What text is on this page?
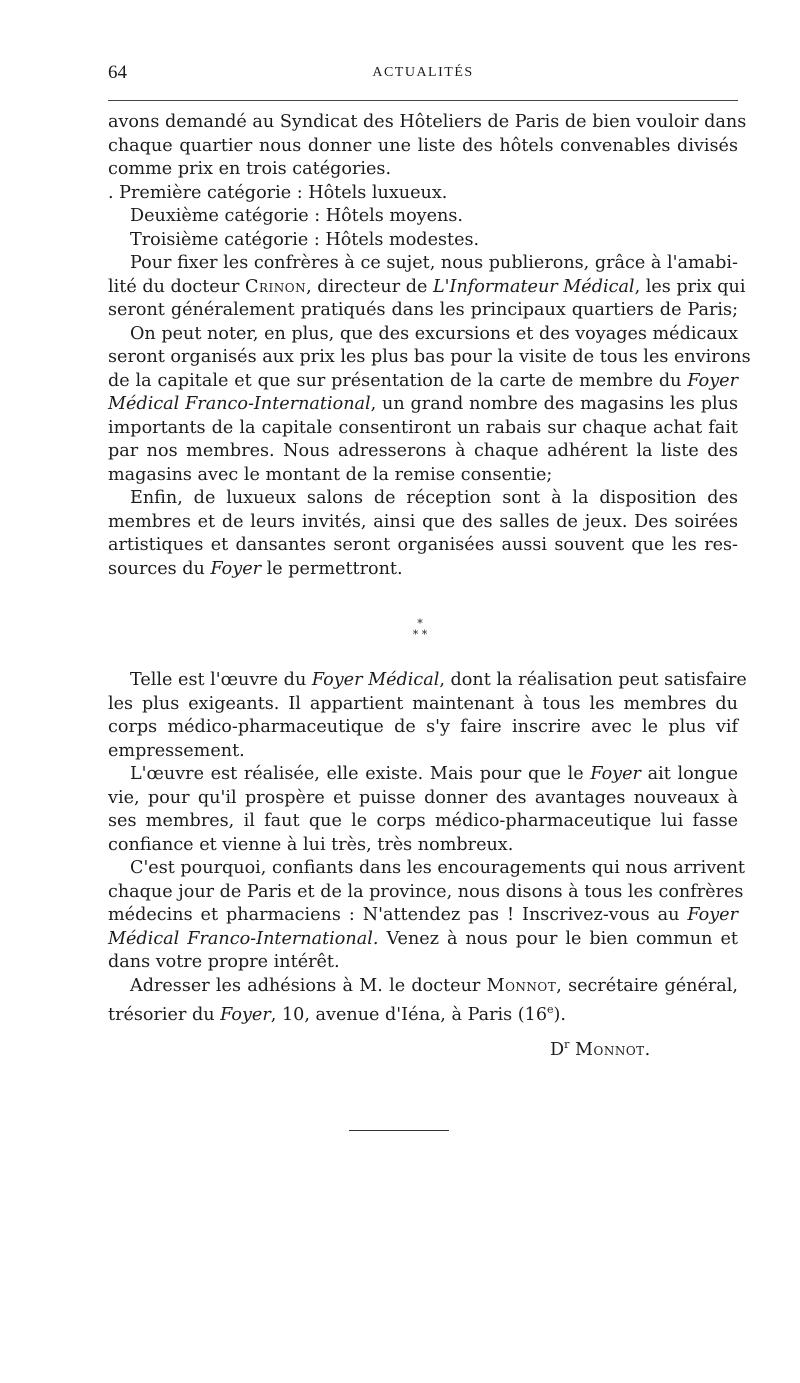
64	ACTUALITÉS
avons demandé au Syndicat des Hôteliers de Paris de bien vouloir dans
chaque quartier nous donner une liste des hôtels convenables divisés
comme prix en trois catégories.
. Première catégorie : Hôtels luxueux.
Deuxième catégorie : Hôtels moyens.
Troisième catégorie : Hôtels modestes.
Pour fixer les confrères à ce sujet, nous publierons, grâce à l'amabi-
lité du docteur Crinon, directeur de L'Informateur Médical, les prix qui
seront généralement pratiqués dans les principaux quartiers de Paris;
On peut noter, en plus, que des excursions et des voyages médicaux
seront organisés aux prix les plus bas pour la visite de tous les environs
de la capitale et que sur présentation de la carte de membre du Foyer
Médical Franco-International, un grand nombre des magasins les plus
importants de la capitale consentiront un rabais sur chaque achat fait
par nos membres. Nous adresserons à chaque adhérent la liste des
magasins avec le montant de la remise consentie;
Enfin, de luxueux salons de réception sont à la disposition des
membres et de leurs invités, ainsi que des salles de jeux. Des soirées
artistiques et dansantes seront organisées aussi souvent que les res-
sources du Foyer le permettront.
*
* *
Telle est l'œuvre du Foyer Médical, dont la réalisation peut satisfaire
les plus exigeants. Il appartient maintenant à tous les membres du
corps médico-pharmaceutique de s'y faire inscrire avec le plus vif
empressement.
L'œuvre est réalisée, elle existe. Mais pour que le Foyer ait longue
vie, pour qu'il prospère et puisse donner des avantages nouveaux à
ses membres, il faut que le corps médico-pharmaceutique lui fasse
confiance et vienne à lui très, très nombreux.
C'est pourquoi, confiants dans les encouragements qui nous arrivent
chaque jour de Paris et de la province, nous disons à tous les confrères
médecins et pharmaciens : N'attendez pas ! Inscrivez-vous au Foyer
Médical Franco-International. Venez à nous pour le bien commun et
dans votre propre intérêt.
Adresser les adhésions à M. le docteur Monnot, secrétaire général,
trésorier du Foyer, 10, avenue d'Iéna, à Paris (16e).
$D^r$ Monnot.
